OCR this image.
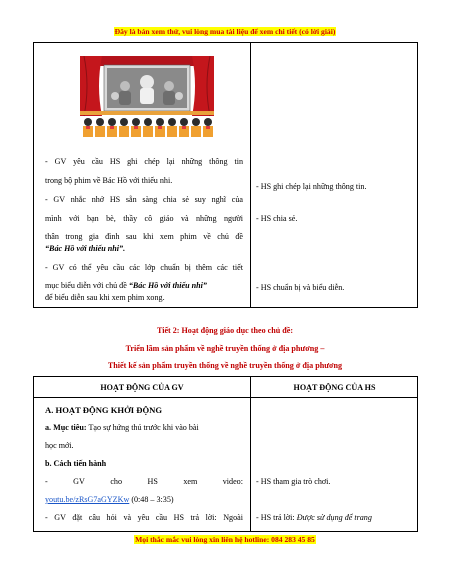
Đây là bản xem thử, vui lòng mua tài liệu để xem chi tiết (có lời giải)
- GV yêu cầu HS ghi chép lại những thông tin
trong bộ phim về Bác Hồ với thiếu nhi.
- GV nhắc nhở HS sẵn sàng chia sẻ suy nghĩ của
mình với bạn bè, thầy cô giáo và những người
thân trong gia đình sau khi xem phim về chủ đề
“Bác Hồ với thiếu nhi”.
- GV có thể yêu cầu các lớp chuẩn bị thêm các tiết
mục biểu diễn với chủ đề “Bác Hồ với thiếu nhi”
để biểu diễn sau khi xem phim xong.
- HS ghi chép lại những thông tin.
- HS chia sẻ.
- HS chuẩn bị và biểu diễn.
Tiết 2: Hoạt động giáo dục theo chủ đề:
Triển lãm sản phẩm về nghề truyền thống ở địa phương –
Thiết kế sản phẩm truyền thống về nghề truyền thống ở địa phương
HOẠT ĐỘNG CỦA GV	HOẠT ĐỘNG CỦA HS
A. HOẠT ĐỘNG KHỞI ĐỘNG
a. Mục tiêu: Tạo sự hứng thú trước khi vào bài
học mới.
b. Cách tiến hành
-	GV	cho	HS	xem	video:
youtu.be/zRsG7aGYZKw (0:48 – 3:35)
- GV đặt câu hỏi và yêu cầu HS trả lời: Ngoài
- HS tham gia trò chơi.
- HS trả lời: Được sử dụng để trang
Mọi thắc mắc vui lòng xin liên hệ hotline: 084 283 45 85
